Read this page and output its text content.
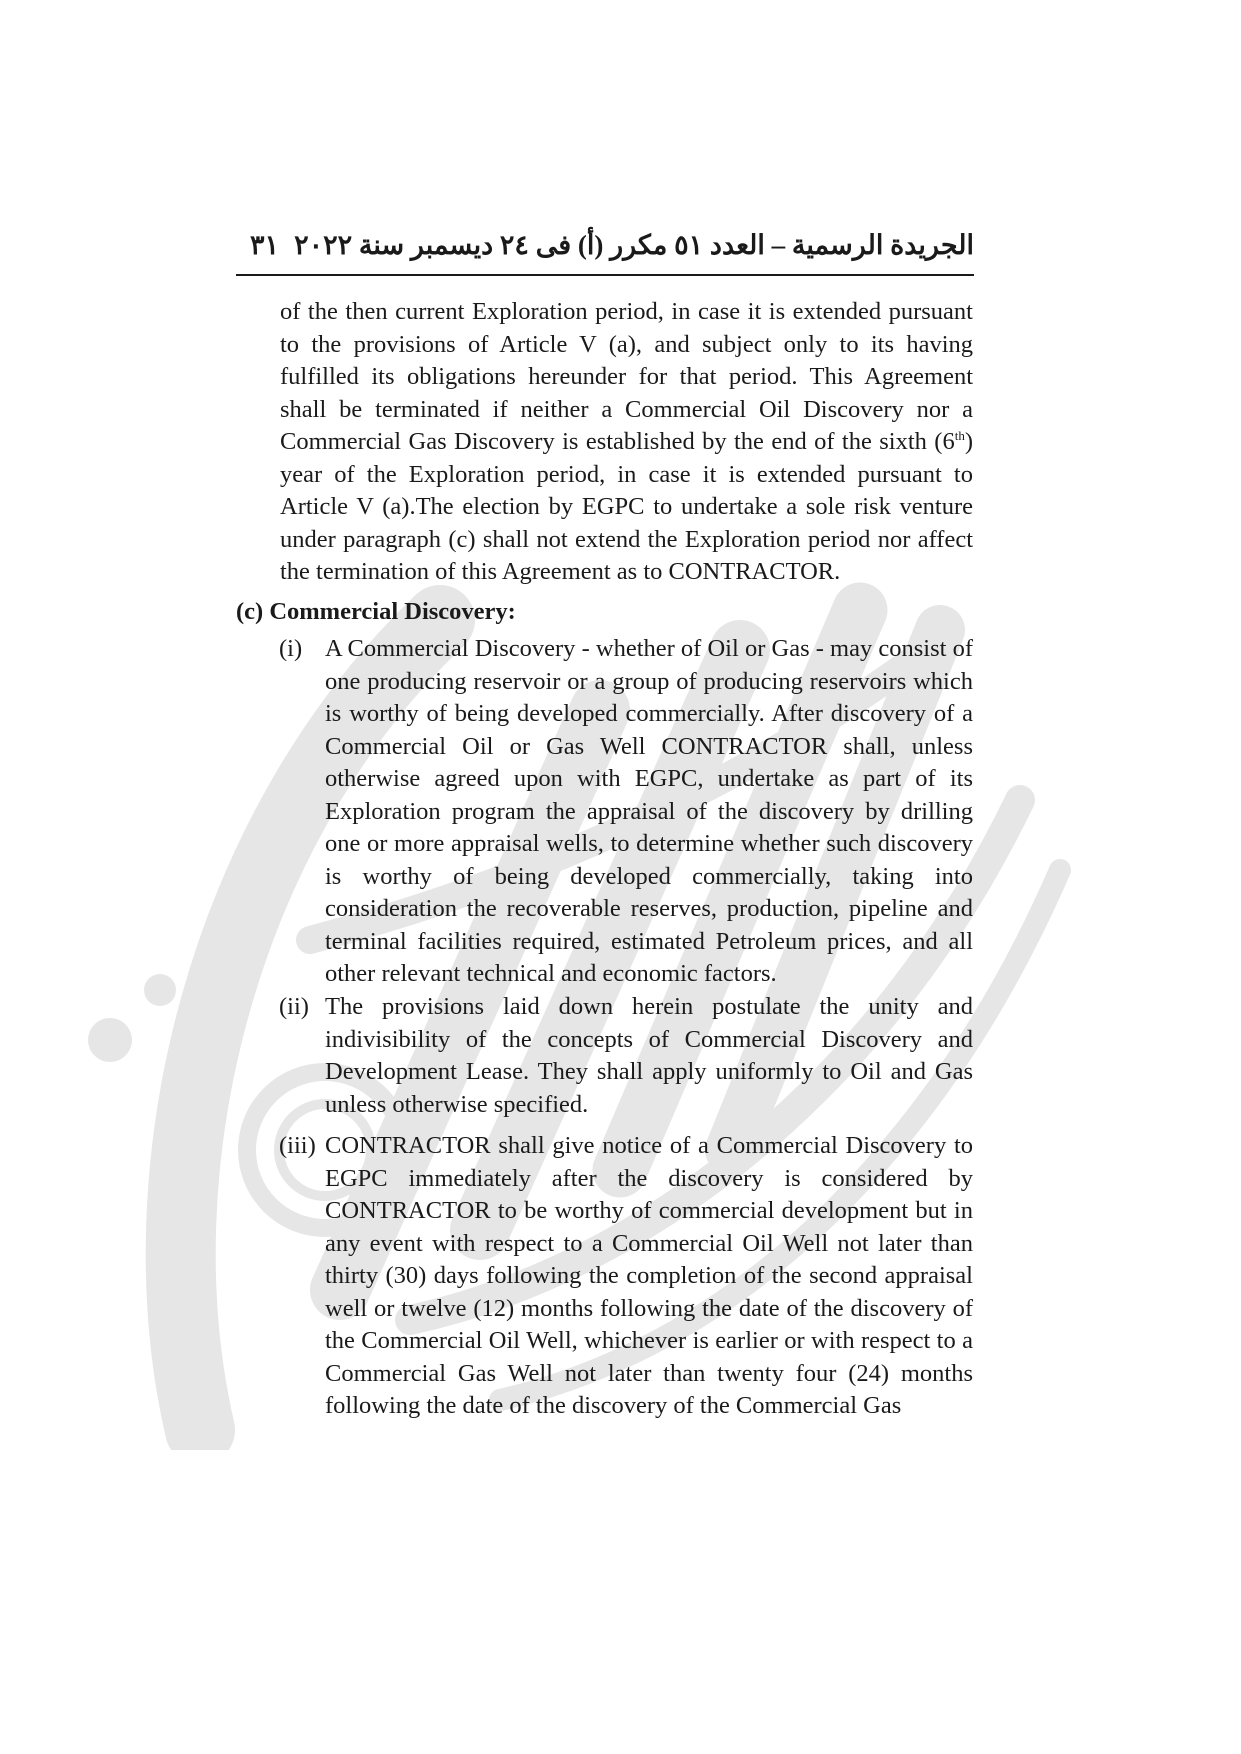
الجريدة الرسمية – العدد ٥١ مكرر (أ) فى ٢٤ ديسمبر سنة ٢٠٢٢
٣١

of the then current Exploration period, in case it is extended pursuant to the provisions of Article V (a), and subject only to its having fulfilled its obligations hereunder for that period. This Agreement shall be terminated if neither a Commercial Oil Discovery nor a Commercial Gas Discovery is established by the end of the sixth (6th) year of the Exploration period, in case it is extended pursuant to Article V (a).The election by EGPC to undertake a sole risk venture under paragraph (c) shall not extend the Exploration period nor affect the termination of this Agreement as to CONTRACTOR.

(c) Commercial Discovery:
(i) A Commercial Discovery - whether of Oil or Gas - may consist of one producing reservoir or a group of producing reservoirs which is worthy of being developed commercially. After discovery of a Commercial Oil or Gas Well CONTRACTOR shall, unless otherwise agreed upon with EGPC, undertake as part of its Exploration program the appraisal of the discovery by drilling one or more appraisal wells, to determine whether such discovery is worthy of being developed commercially, taking into consideration the recoverable reserves, production, pipeline and terminal facilities required, estimated Petroleum prices, and all other relevant technical and economic factors.

(ii) The provisions laid down herein postulate the unity and indivisibility of the concepts of Commercial Discovery and Development Lease. They shall apply uniformly to Oil and Gas unless otherwise specified.

(iii) CONTRACTOR shall give notice of a Commercial Discovery to EGPC immediately after the discovery is considered by CONTRACTOR to be worthy of commercial development but in any event with respect to a Commercial Oil Well not later than thirty (30) days following the completion of the second appraisal well or twelve (12) months following the date of the discovery of the Commercial Oil Well, whichever is earlier or with respect to a Commercial Gas Well not later than twenty four (24) months following the date of the discovery of the Commercial Gas
